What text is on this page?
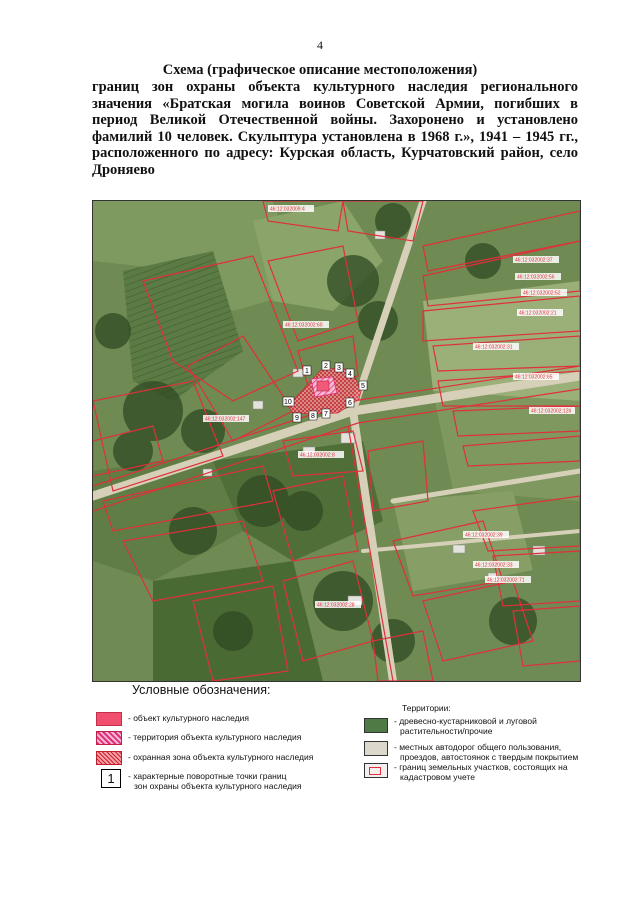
4
Схема (графическое описание местоположения)
границ зон охраны объекта культурного наследия регионального значения «Братская могила воинов Советской Армии, погибших в период Великой Отечественной войны. Захоронено и установлено фамилий 10 человек. Скульптура установлена в 1968 г.», 1941 – 1945 гг., расположенного по адресу: Курская область, Курчатовский район, село Дроняево
1
2 3
4
5
6
7
8
9
10
46:12:032009:4
46:12:032002:37
46:12:032002:56
46:12:032002:52
46:12:032002:21
46:12:032002:31
46:12:032002:65
46:12:032002:126
46:12:032002:147
46:12:032002:8
46:12:032002:60
46:12:032002:39
46:12:032002:33
46:12:032002:28
46:12:032002:71
Условные обозначения:
- объект культурного наследия
- территория объекта культурного наследия
- охранная зона объекта культурного наследия
1	- характерные поворотные точки границ
зон охраны объекта культурного наследия
Территории:
- древесно-кустарниковой и луговой
растительности/прочие
- местных автодорог общего пользования,
проездов, автостоянок с твердым покрытием
- границ земельных участков, состоящих на
кадастровом учете
